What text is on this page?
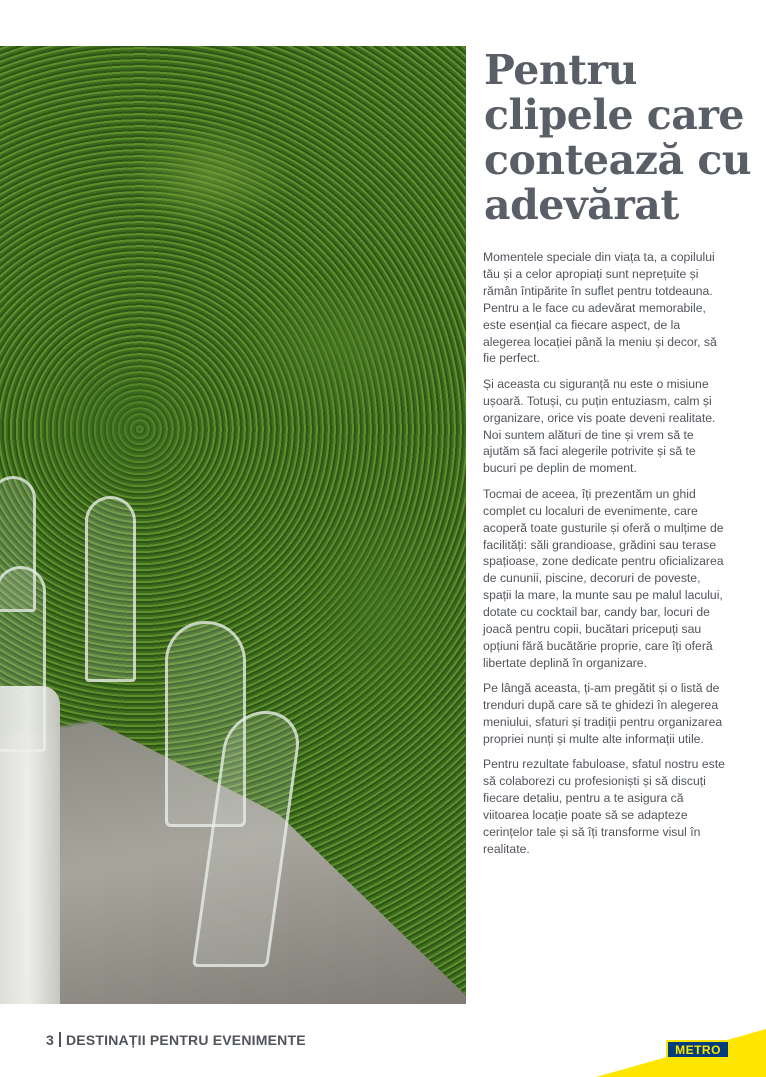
Pentru clipele care contează cu adevărat

Momentele speciale din viața ta, a copilului tău și a celor apropiați sunt neprețuite și rămân întipărite în suflet pentru totdeauna. Pentru a le face cu adevărat memorabile, este esențial ca fiecare aspect, de la alegerea locației până la meniu și decor, să fie perfect.

Și aceasta cu siguranță nu este o misiune ușoară. Totuși, cu puțin entuziasm, calm și organizare, orice vis poate deveni realitate. Noi suntem alături de tine și vrem să te ajutăm să faci alegerile potrivite și să te bucuri pe deplin de moment.

Tocmai de aceea, îți prezentăm un ghid complet cu localuri de evenimente, care acoperă toate gusturile și oferă o mulțime de facilități: săli grandioase, grădini sau terase spațioase, zone dedicate pentru oficializarea de cununii, piscine, decoruri de poveste, spații la mare, la munte sau pe malul lacului, dotate cu cocktail bar, candy bar, locuri de joacă pentru copii, bucătari pricepuți sau opțiuni fără bucătărie proprie, care îți oferă libertate deplină în organizare.

Pe lângă aceasta, ți-am pregătit și o listă de trenduri după care să te ghidezi în alegerea meniului, sfaturi și tradiții pentru organizarea propriei nunți și multe alte informații utile.

Pentru rezultate fabuloase, sfatul nostru este să colaborezi cu profesioniști și să discuți fiecare detaliu, pentru a te asigura că viitoarea locație poate să se adapteze cerințelor tale și să îți transforme visul în realitate.

3 DESTINAȚII PENTRU EVENIMENTE
METRO
